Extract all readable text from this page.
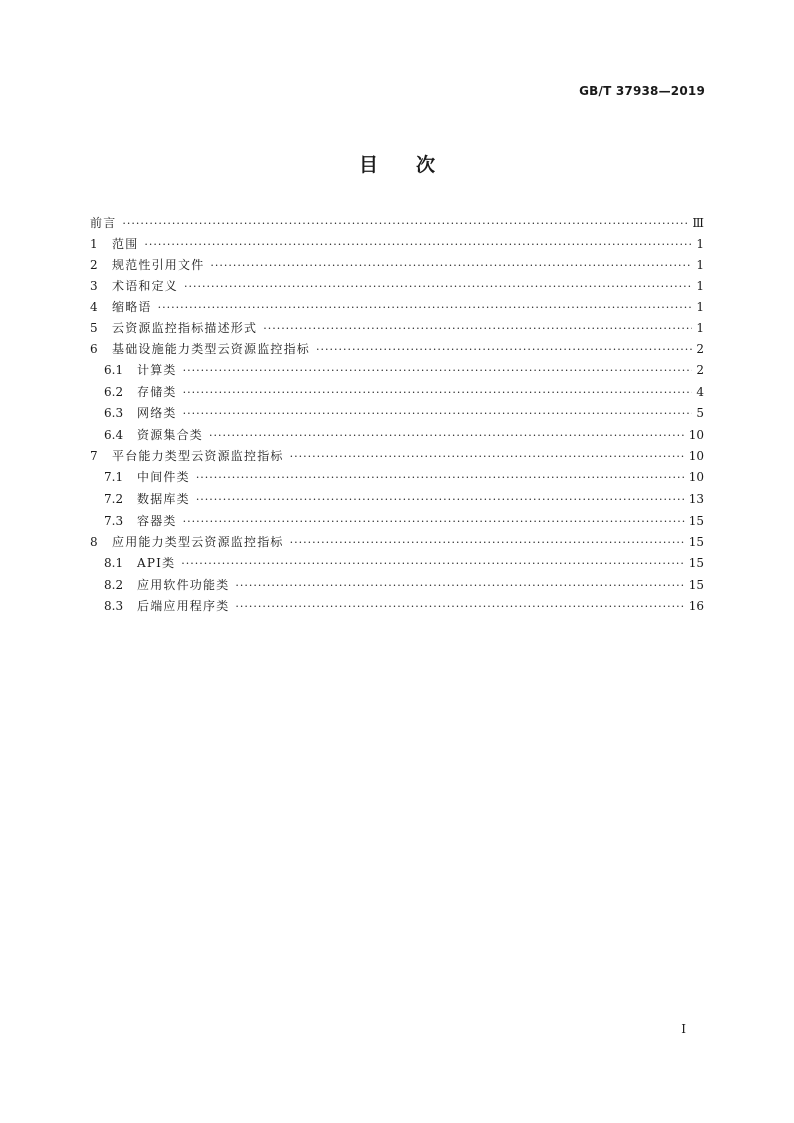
GB/T 37938—2019
目 次
前言 ·····	Ⅲ
1	范围 ·····	1
2	规范性引用文件 ·····	1
3	术语和定义 ·····	1
4	缩略语 ·····	1
5	云资源监控指标描述形式 ·····	1
6	基础设施能力类型云资源监控指标 ·····	2
6.1	计算类 ·····	2
6.2	存储类 ·····	4
6.3	网络类 ·····	5
6.4	资源集合类 ·····	10
7	平台能力类型云资源监控指标 ·····	10
7.1	中间件类 ·····	10
7.2	数据库类 ·····	13
7.3	容器类 ·····	15
8	应用能力类型云资源监控指标 ·····	15
8.1	API类 ·····	15
8.2	应用软件功能类 ·····	15
8.3	后端应用程序类 ·····	16
I
